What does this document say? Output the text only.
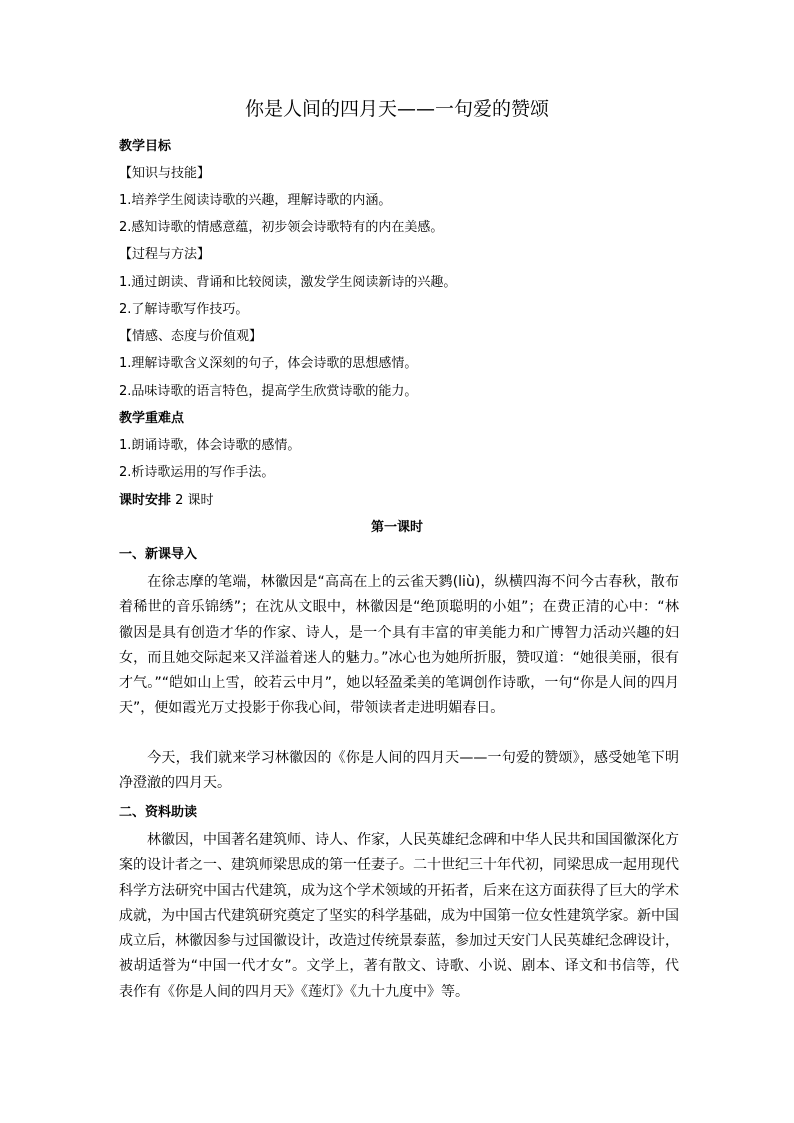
你是人间的四月天——一句爱的赞颂
教学目标
【知识与技能】
1.培养学生阅读诗歌的兴趣，理解诗歌的内涵。
2.感知诗歌的情感意蕴，初步领会诗歌特有的内在美感。
【过程与方法】
1.通过朗读、背诵和比较阅读，激发学生阅读新诗的兴趣。
2.了解诗歌写作技巧。
【情感、态度与价值观】
1.理解诗歌含义深刻的句子，体会诗歌的思想感情。
2.品味诗歌的语言特色，提高学生欣赏诗歌的能力。
教学重难点
1.朗诵诗歌，体会诗歌的感情。
2.析诗歌运用的写作手法。
课时安排 2 课时
第一课时
一、新课导入
在徐志摩的笔端，林徽因是“高高在上的云雀天鹨(liù)，纵横四海不问今古春秋，散布着稀世的音乐锦绣”；在沈从文眼中，林徽因是“绝顶聪明的小姐”；在费正清的心中：“林徽因是具有创造才华的作家、诗人，是一个具有丰富的审美能力和广博智力活动兴趣的妇女，而且她交际起来又洋溢着迷人的魅力。”冰心也为她所折服，赞叹道：“她很美丽，很有才气。”“皑如山上雪，皎若云中月”，她以轻盈柔美的笔调创作诗歌，一句“你是人间的四月天”，便如霞光万丈投影于你我心间，带领读者走进明媚春日。
今天，我们就来学习林徽因的《你是人间的四月天——一句爱的赞颂》，感受她笔下明净澄澈的四月天。
二、资料助读
林徽因，中国著名建筑师、诗人、作家，人民英雄纪念碑和中华人民共和国国徽深化方案的设计者之一、建筑师梁思成的第一任妻子。二十世纪三十年代初，同梁思成一起用现代科学方法研究中国古代建筑，成为这个学术领域的开拓者，后来在这方面获得了巨大的学术成就，为中国古代建筑研究奠定了坚实的科学基础，成为中国第一位女性建筑学家。新中国成立后，林徽因参与过国徽设计，改造过传统景泰蓝，参加过天安门人民英雄纪念碑设计，被胡适誉为“中国一代才女”。文学上，著有散文、诗歌、小说、剧本、译文和书信等，代表作有《你是人间的四月天》《莲灯》《九十九度中》等。
